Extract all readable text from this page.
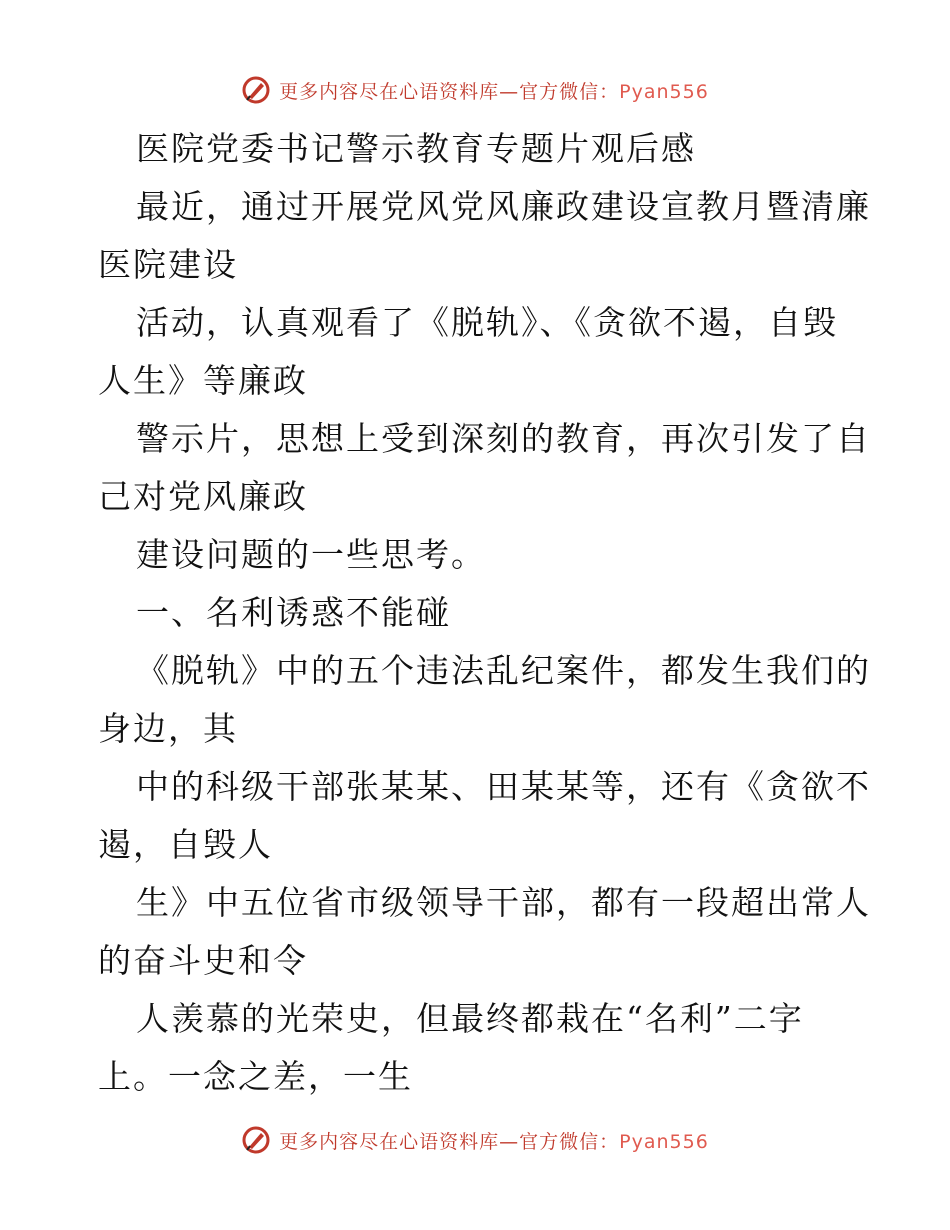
更多内容尽在心语资料库—官方微信：Pyan556
医院党委书记警示教育专题片观后感
最近，通过开展党风党风廉政建设宣教月暨清廉
医院建设
活动，认真观看了《脱轨》、《贪欲不遏，自毁
人生》等廉政
警示片，思想上受到深刻的教育，再次引发了自
己对党风廉政
建设问题的一些思考。
一、名利诱惑不能碰
《脱轨》中的五个违法乱纪案件，都发生我们的
身边，其
中的科级干部张某某、田某某等，还有《贪欲不
遏，自毁人
生》中五位省市级领导干部，都有一段超出常人
的奋斗史和令
人羡慕的光荣史，但最终都栽在“名利”二字
上。一念之差，一生
更多内容尽在心语资料库—官方微信：Pyan556
